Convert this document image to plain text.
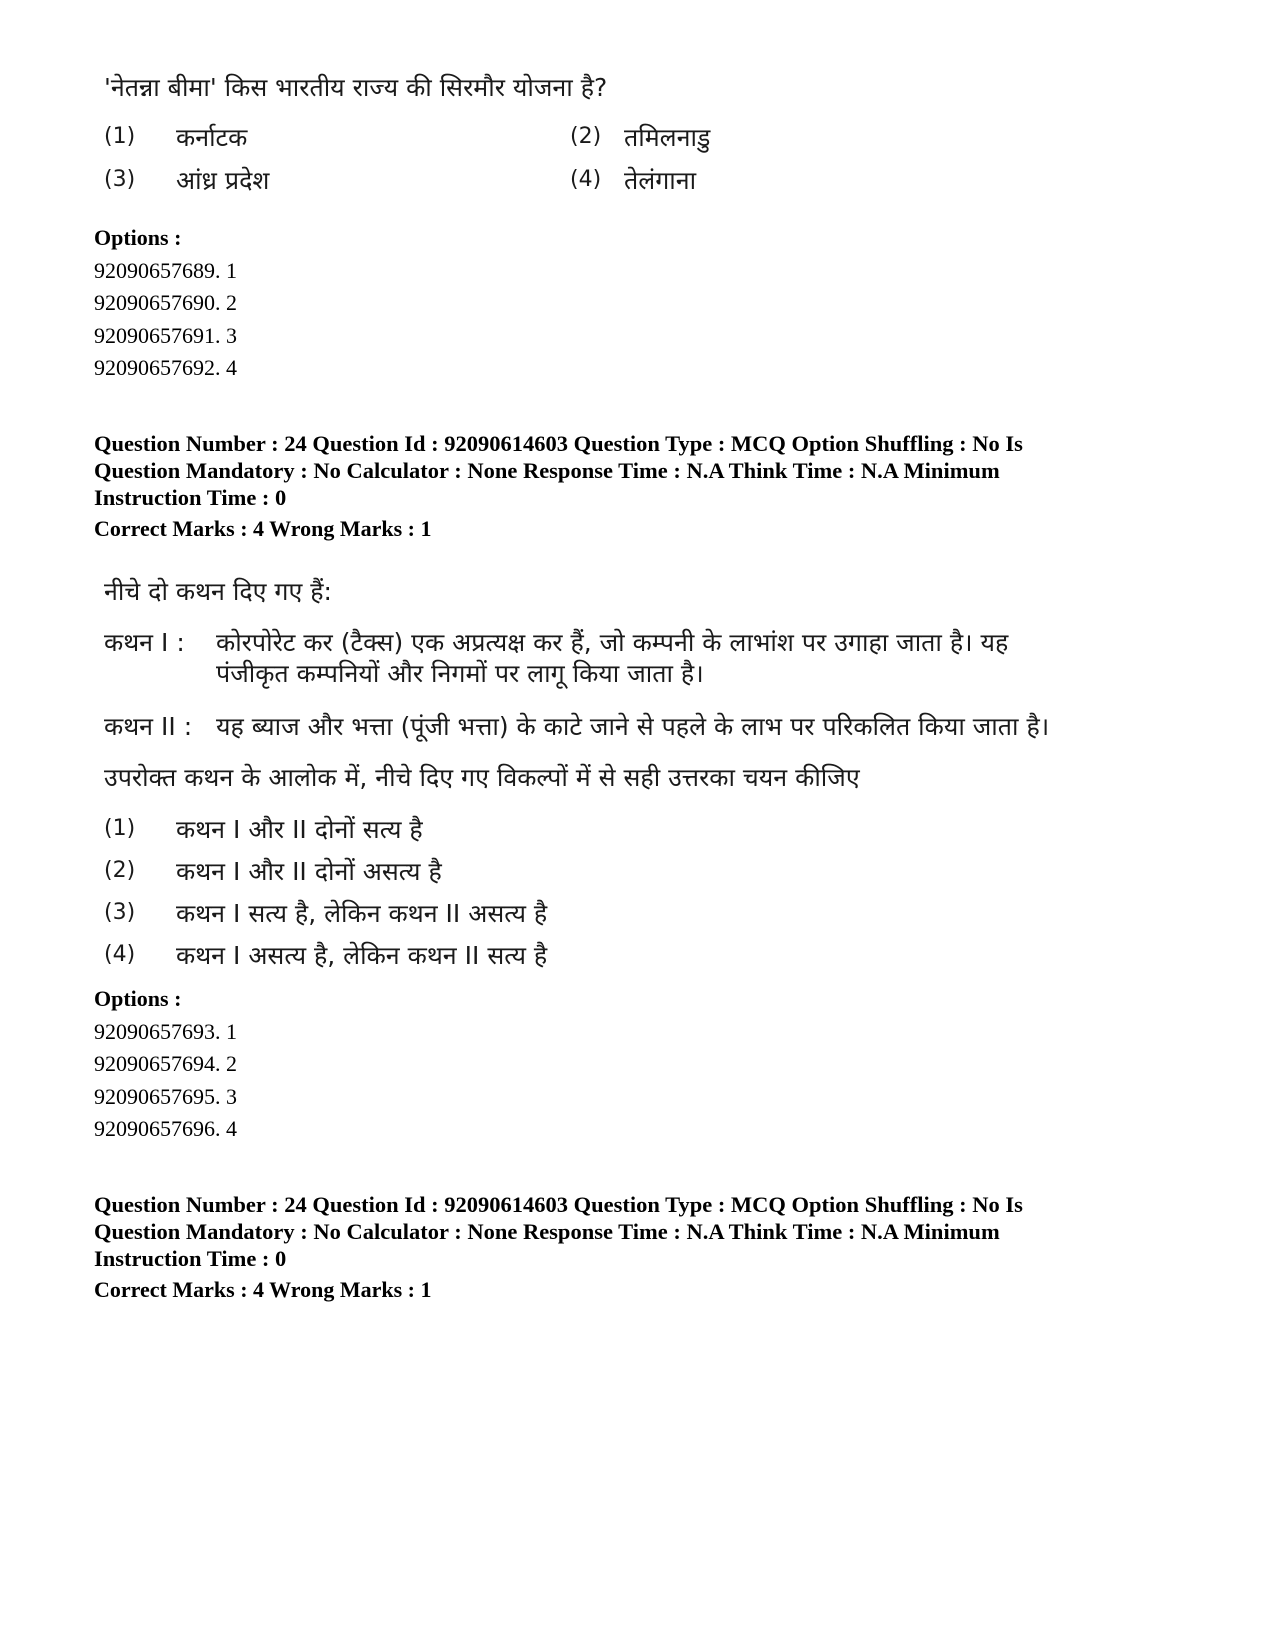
'नेतन्ना बीमा' किस भारतीय राज्य की सिरमौर योजना है?
(1) कर्नाटक	(2) तमिलनाडु
(3) आंध्र प्रदेश	(4) तेलंगाना
Options :
92090657689. 1
92090657690. 2
92090657691. 3
92090657692. 4
Question Number : 24 Question Id : 92090614603 Question Type : MCQ Option Shuffling : No Is
Question Mandatory : No Calculator : None Response Time : N.A Think Time : N.A Minimum
Instruction Time : 0
Correct Marks : 4 Wrong Marks : 1
नीचे दो कथन दिए गए हैं:
कथन I : कोरपोरेट कर (टैक्स) एक अप्रत्यक्ष कर हैं, जो कम्पनी के लाभांश पर उगाहा जाता है। यह
पंजीकृत कम्पनियों और निगमों पर लागू किया जाता है।
कथन II : यह ब्याज और भत्ता (पूंजी भत्ता) के काटे जाने से पहले के लाभ पर परिकलित किया जाता है।
उपरोक्त कथन के आलोक में, नीचे दिए गए विकल्पों में से सही उत्तरका चयन कीजिए
(1) कथन I और II दोनों सत्य है
(2) कथन I और II दोनों असत्य है
(3) कथन I सत्य है, लेकिन कथन II असत्य है
(4) कथन I असत्य है, लेकिन कथन II सत्य है
Options :
92090657693. 1
92090657694. 2
92090657695. 3
92090657696. 4
Question Number : 24 Question Id : 92090614603 Question Type : MCQ Option Shuffling : No Is
Question Mandatory : No Calculator : None Response Time : N.A Think Time : N.A Minimum
Instruction Time : 0
Correct Marks : 4 Wrong Marks : 1
